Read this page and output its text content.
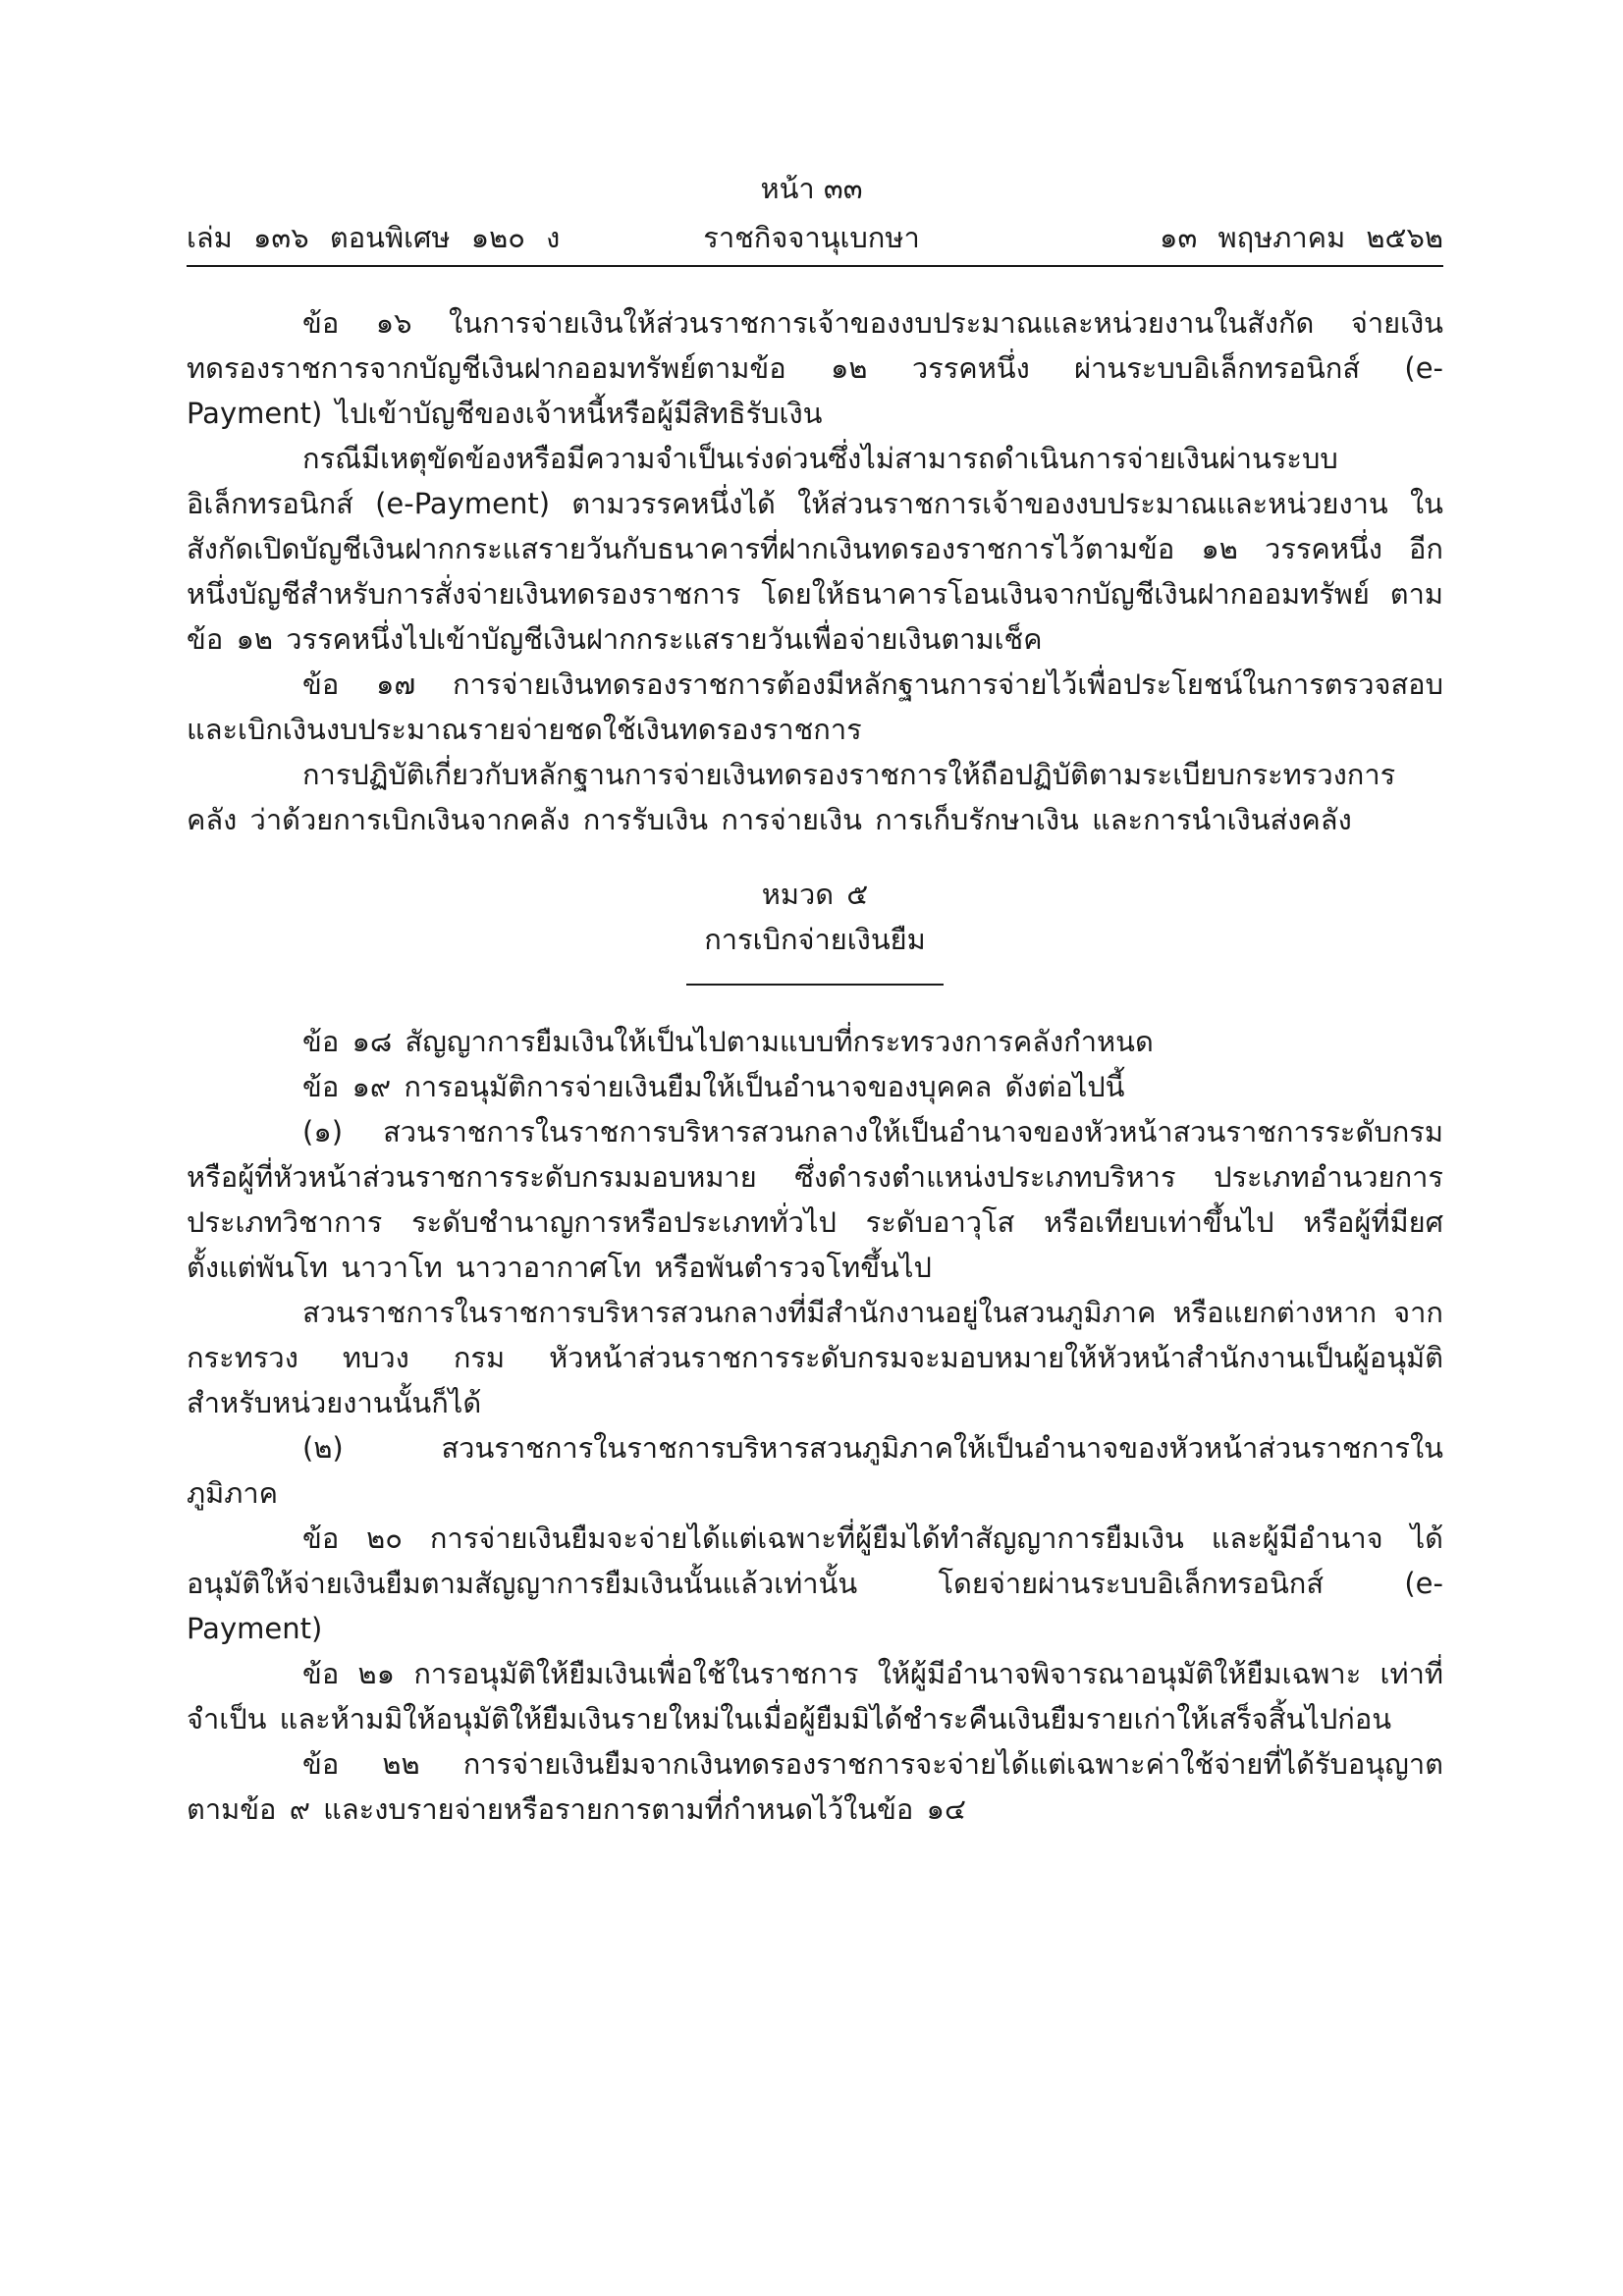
หน้า ๓๓
เล่ม ๑๓๖ ตอนพิเศษ ๑๒๐ ง	ราชกิจจานุเบกษา	๑๓ พฤษภาคม ๒๕๖๒

ข้อ ๑๖ ในการจ่ายเงินให้ส่วนราชการเจ้าของงบประมาณและหน่วยงานในสังกัด จ่ายเงินทดรองราชการจากบัญชีเงินฝากออมทรัพย์ตามข้อ ๑๒ วรรคหนึ่ง ผ่านระบบอิเล็กทรอนิกส์ (e-Payment) ไปเข้าบัญชีของเจ้าหนี้หรือผู้มีสิทธิรับเงิน

กรณีมีเหตุขัดข้องหรือมีความจำเป็นเร่งด่วนซึ่งไม่สามารถดำเนินการจ่ายเงินผ่านระบบ อิเล็กทรอนิกส์ (e-Payment) ตามวรรคหนึ่งได้ ให้ส่วนราชการเจ้าของงบประมาณและหน่วยงาน ในสังกัดเปิดบัญชีเงินฝากกระแสรายวันกับธนาคารที่ฝากเงินทดรองราชการไว้ตามข้อ ๑๒ วรรคหนึ่ง อีกหนึ่งบัญชีสำหรับการสั่งจ่ายเงินทดรองราชการ โดยให้ธนาคารโอนเงินจากบัญชีเงินฝากออมทรัพย์ ตามข้อ ๑๒ วรรคหนึ่งไปเข้าบัญชีเงินฝากกระแสรายวันเพื่อจ่ายเงินตามเช็ค

ข้อ ๑๗ การจ่ายเงินทดรองราชการต้องมีหลักฐานการจ่ายไว้เพื่อประโยชน์ในการตรวจสอบ และเบิกเงินงบประมาณรายจ่ายชดใช้เงินทดรองราชการ

การปฏิบัติเกี่ยวกับหลักฐานการจ่ายเงินทดรองราชการให้ถือปฏิบัติตามระเบียบกระทรวงการคลัง ว่าด้วยการเบิกเงินจากคลัง การรับเงิน การจ่ายเงิน การเก็บรักษาเงิน และการนำเงินส่งคลัง

หมวด ๕

การเบิกจ่ายเงินยืม

ข้อ ๑๘ สัญญาการยืมเงินให้เป็นไปตามแบบที่กระทรวงการคลังกำหนด

ข้อ ๑๙ การอนุมัติการจ่ายเงินยืมให้เป็นอำนาจของบุคคล ดังต่อไปนี้

(๑) สวนราชการในราชการบริหารสวนกลางให้เป็นอำนาจของหัวหน้าสวนราชการระดับกรม หรือผู้ที่หัวหน้าส่วนราชการระดับกรมมอบหมาย ซึ่งดำรงตำแหน่งประเภทบริหาร ประเภทอำนวยการ ประเภทวิชาการ ระดับชำนาญการหรือประเภททั่วไป ระดับอาวุโส หรือเทียบเท่าขึ้นไป หรือผู้ที่มียศ ตั้งแต่พันโท นาวาโท นาวาอากาศโท หรือพันตำรวจโทขึ้นไป

สวนราชการในราชการบริหารสวนกลางที่มีสำนักงานอยู่ในสวนภูมิภาค หรือแยกต่างหาก จากกระทรวง ทบวง กรม หัวหน้าส่วนราชการระดับกรมจะมอบหมายให้หัวหน้าสำนักงานเป็นผู้อนุมัติ สำหรับหน่วยงานนั้นก็ได้

(๒) สวนราชการในราชการบริหารสวนภูมิภาคให้เป็นอำนาจของหัวหน้าส่วนราชการในภูมิภาค

ข้อ ๒๐ การจ่ายเงินยืมจะจ่ายได้แต่เฉพาะที่ผู้ยืมได้ทำสัญญาการยืมเงิน และผู้มีอำนาจ ได้อนุมัติให้จ่ายเงินยืมตามสัญญาการยืมเงินนั้นแล้วเท่านั้น โดยจ่ายผ่านระบบอิเล็กทรอนิกส์ (e-Payment)

ข้อ ๒๑ การอนุมัติให้ยืมเงินเพื่อใช้ในราชการ ให้ผู้มีอำนาจพิจารณาอนุมัติให้ยืมเฉพาะ เท่าที่จำเป็น และห้ามมิให้อนุมัติให้ยืมเงินรายใหม่ในเมื่อผู้ยืมมิได้ชำระคืนเงินยืมรายเก่าให้เสร็จสิ้นไปก่อน

ข้อ ๒๒ การจ่ายเงินยืมจากเงินทดรองราชการจะจ่ายได้แต่เฉพาะค่าใช้จ่ายที่ได้รับอนุญาต ตามข้อ ๙ และงบรายจ่ายหรือรายการตามที่กำหนดไว้ในข้อ ๑๔
